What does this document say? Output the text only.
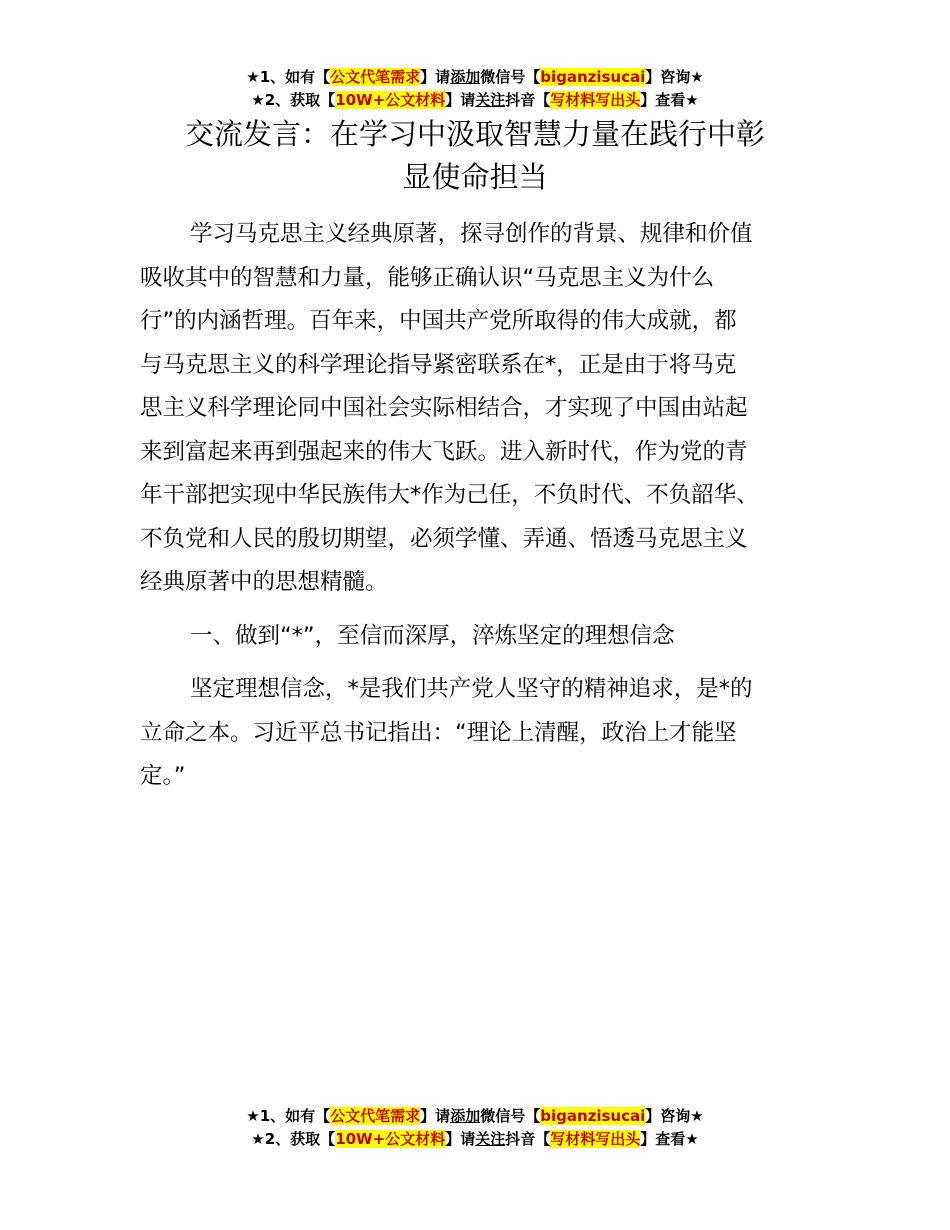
★1、如有【公文代笔需求】请添加微信号【biganzisucai】咨询★
★2、获取【10W+公文材料】请关注抖音【写材料写出头】查看★
交流发言：在学习中汲取智慧力量在践行中彰
显使命担当
学习马克思主义经典原著，探寻创作的背景、规律和价值
吸收其中的智慧和力量，能够正确认识“马克思主义为什么
行”的内涵哲理。百年来，中国共产党所取得的伟大成就，都
与马克思主义的科学理论指导紧密联系在*，正是由于将马克
思主义科学理论同中国社会实际相结合，才实现了中国由站起
来到富起来再到强起来的伟大飞跃。进入新时代，作为党的青
年干部把实现中华民族伟大*作为己任，不负时代、不负韶华、
不负党和人民的殷切期望，必须学懂、弄通、悟透马克思主义
经典原著中的思想精髓。
一、做到“*”，至信而深厚，淬炼坚定的理想信念
坚定理想信念，*是我们共产党人坚守的精神追求，是*的
立命之本。习近平总书记指出：“理论上清醒，政治上才能坚
定。”
★1、如有【公文代笔需求】请添加微信号【biganzisucai】咨询★
★2、获取【10W+公文材料】请关注抖音【写材料写出头】查看★
